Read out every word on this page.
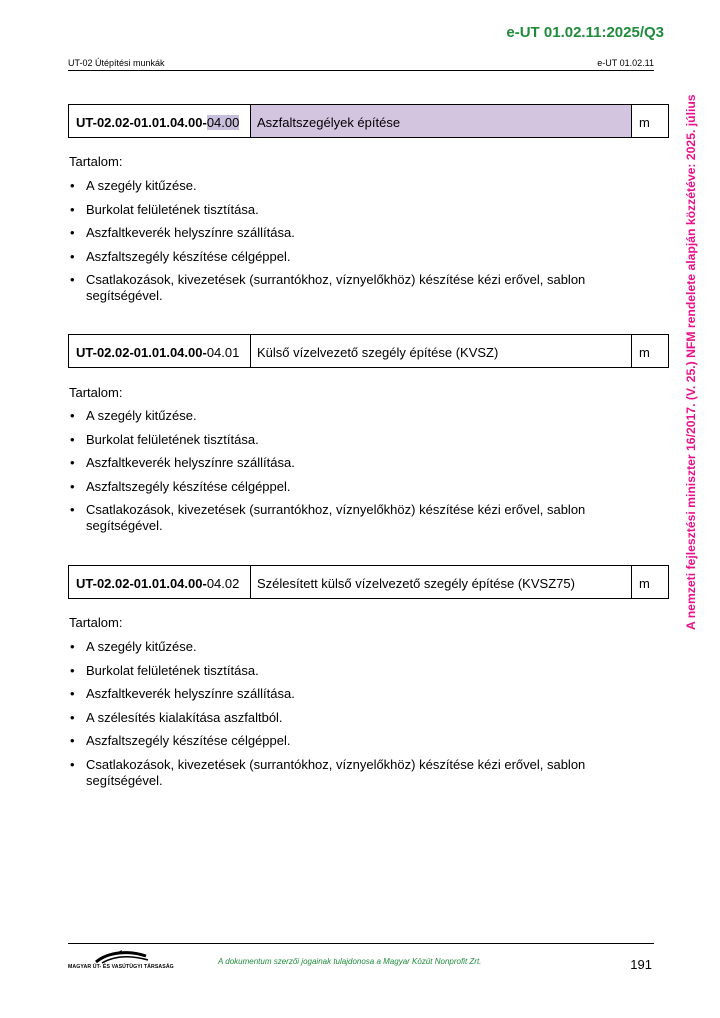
e-UT 01.02.11:2025/Q3
UT-02 Útépítési munkák	e-UT 01.02.11
A nemzeti fejlesztési miniszter 16/2017. (V. 25.) NFM rendelete alapján közzétéve: 2025. július
UT-02.02-01.01.04.00-04.00	Aszfaltszegélyek építése	m
Tartalom:
• A szegély kitűzése.
• Burkolat felületének tisztítása.
• Aszfaltkeverék helyszínre szállítása.
• Aszfaltszegély készítése célgéppel.
• Csatlakozások, kivezetések (surrantókhoz, víznyelőkhöz) készítése kézi erővel, sablon segítségével.
UT-02.02-01.01.04.00-04.01	Külső vízelvezető szegély építése (KVSZ)	m
Tartalom:
• A szegély kitűzése.
• Burkolat felületének tisztítása.
• Aszfaltkeverék helyszínre szállítása.
• Aszfaltszegély készítése célgéppel.
• Csatlakozások, kivezetések (surrantókhoz, víznyelőkhöz) készítése kézi erővel, sablon segítségével.
UT-02.02-01.01.04.00-04.02	Szélesített külső vízelvezető szegély építése (KVSZ75)	m
Tartalom:
• A szegély kitűzése.
• Burkolat felületének tisztítása.
• Aszfaltkeverék helyszínre szállítása.
• A szélesítés kialakítása aszfaltból.
• Aszfaltszegély készítése célgéppel.
• Csatlakozások, kivezetések (surrantókhoz, víznyelőkhöz) készítése kézi erővel, sablon segítségével.
MAGYAR ÚT- ÉS VASÚTÜGYI TÁRSASÁG
A dokumentum szerzői jogainak tulajdonosa a Magyar Közút Nonprofit Zrt.	191
